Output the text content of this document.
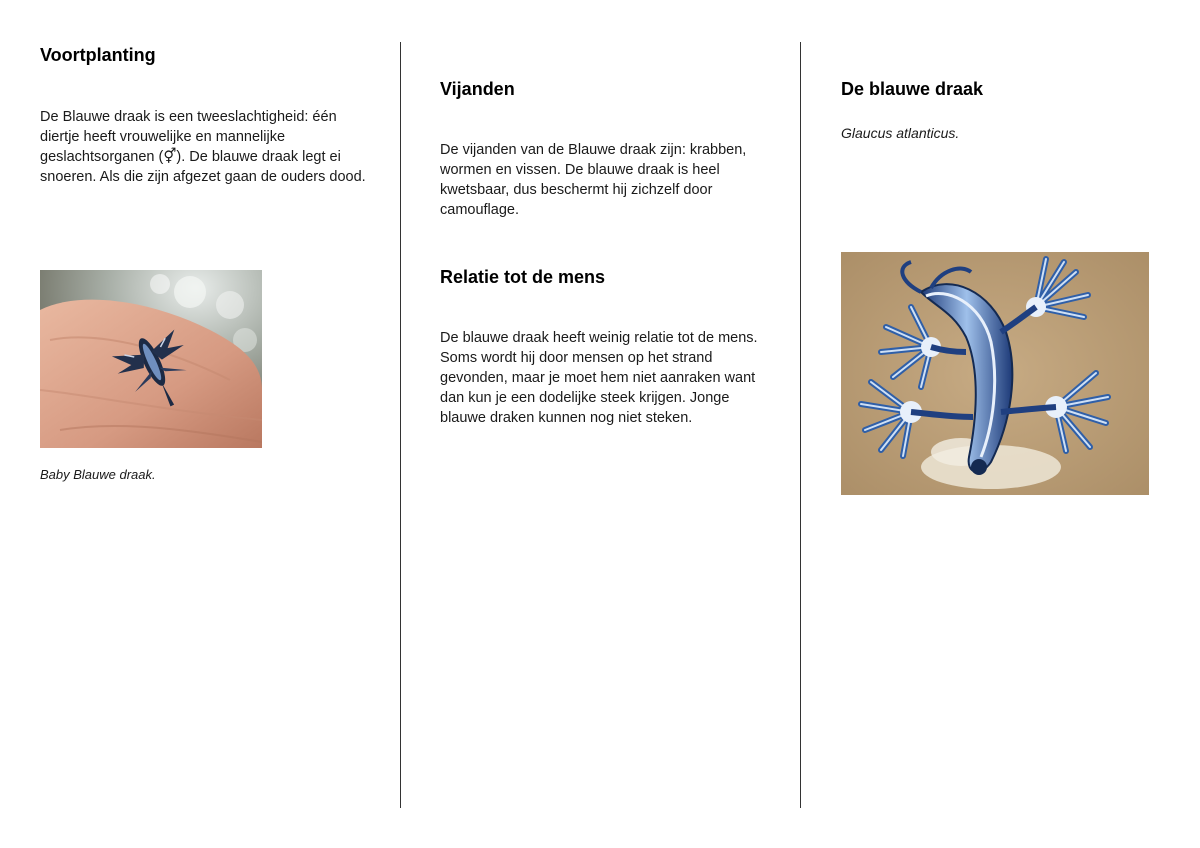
Voortplanting

De Blauwe draak is een tweeslachtigheid: één diertje heeft vrouwelijke en mannelijke geslachtsorganen (⚥). De blauwe draak legt ei snoeren. Als die zijn afgezet gaan de ouders dood.

Baby Blauwe draak.
Vijanden

De vijanden van de Blauwe draak zijn: krabben, wormen en vissen. De blauwe draak is heel kwetsbaar, dus beschermt hij zichzelf door camouflage.

Relatie tot de mens

De blauwe draak heeft weinig relatie tot de mens. Soms wordt hij door mensen op het strand gevonden, maar je moet hem niet aanraken want dan kun je een dodelijke steek krijgen. Jonge blauwe draken kunnen nog niet steken.

De blauwe draak
Glaucus atlanticus.
